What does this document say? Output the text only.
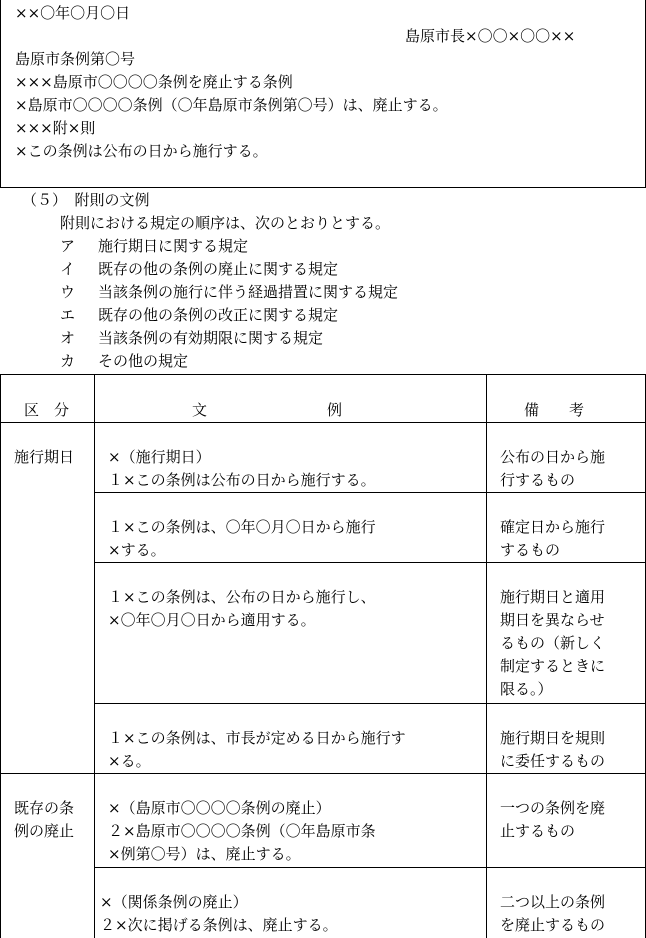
××〇年〇月〇日
島原市長×〇〇×〇〇××
島原市条例第〇号
×××島原市〇〇〇〇条例を廃止する条例
×島原市〇〇〇〇条例（〇年島原市条例第〇号）は、廃止する。
×××附×則
×この条例は公布の日から施行する。
（５）　附則の文例
附則における規定の順序は、次のとおりとする。
ア 施行期日に関する規定
イ 既存の他の条例の廃止に関する規定
ウ 当該条例の施行に伴う経過措置に関する規定
エ 既存の他の条例の改正に関する規定
オ 当該条例の有効期限に関する規定
カ その他の規定
区　分	文　　　　　　　　例	備　　考
施行期日
既存の条
例の廃止
×（施行期日）
１×この条例は公布の日から施行する。
公布の日から施
行するもの
１×この条例は、〇年〇月〇日から施行
×する。
確定日から施行
するもの
１×この条例は、公布の日から施行し、
×〇年〇月〇日から適用する。
施行期日と適用
期日を異ならせ
るもの（新しく
制定するときに
限る。）
１×この条例は、市長が定める日から施行す
×る。
施行期日を規則
に委任するもの
×（島原市〇〇〇〇条例の廃止）
２×島原市〇〇〇〇条例（〇年島原市条
×例第〇号）は、廃止する。
一つの条例を廃
止するもの
×（関係条例の廃止）
２×次に掲げる条例は、廃止する。
二つ以上の条例
を廃止するもの
